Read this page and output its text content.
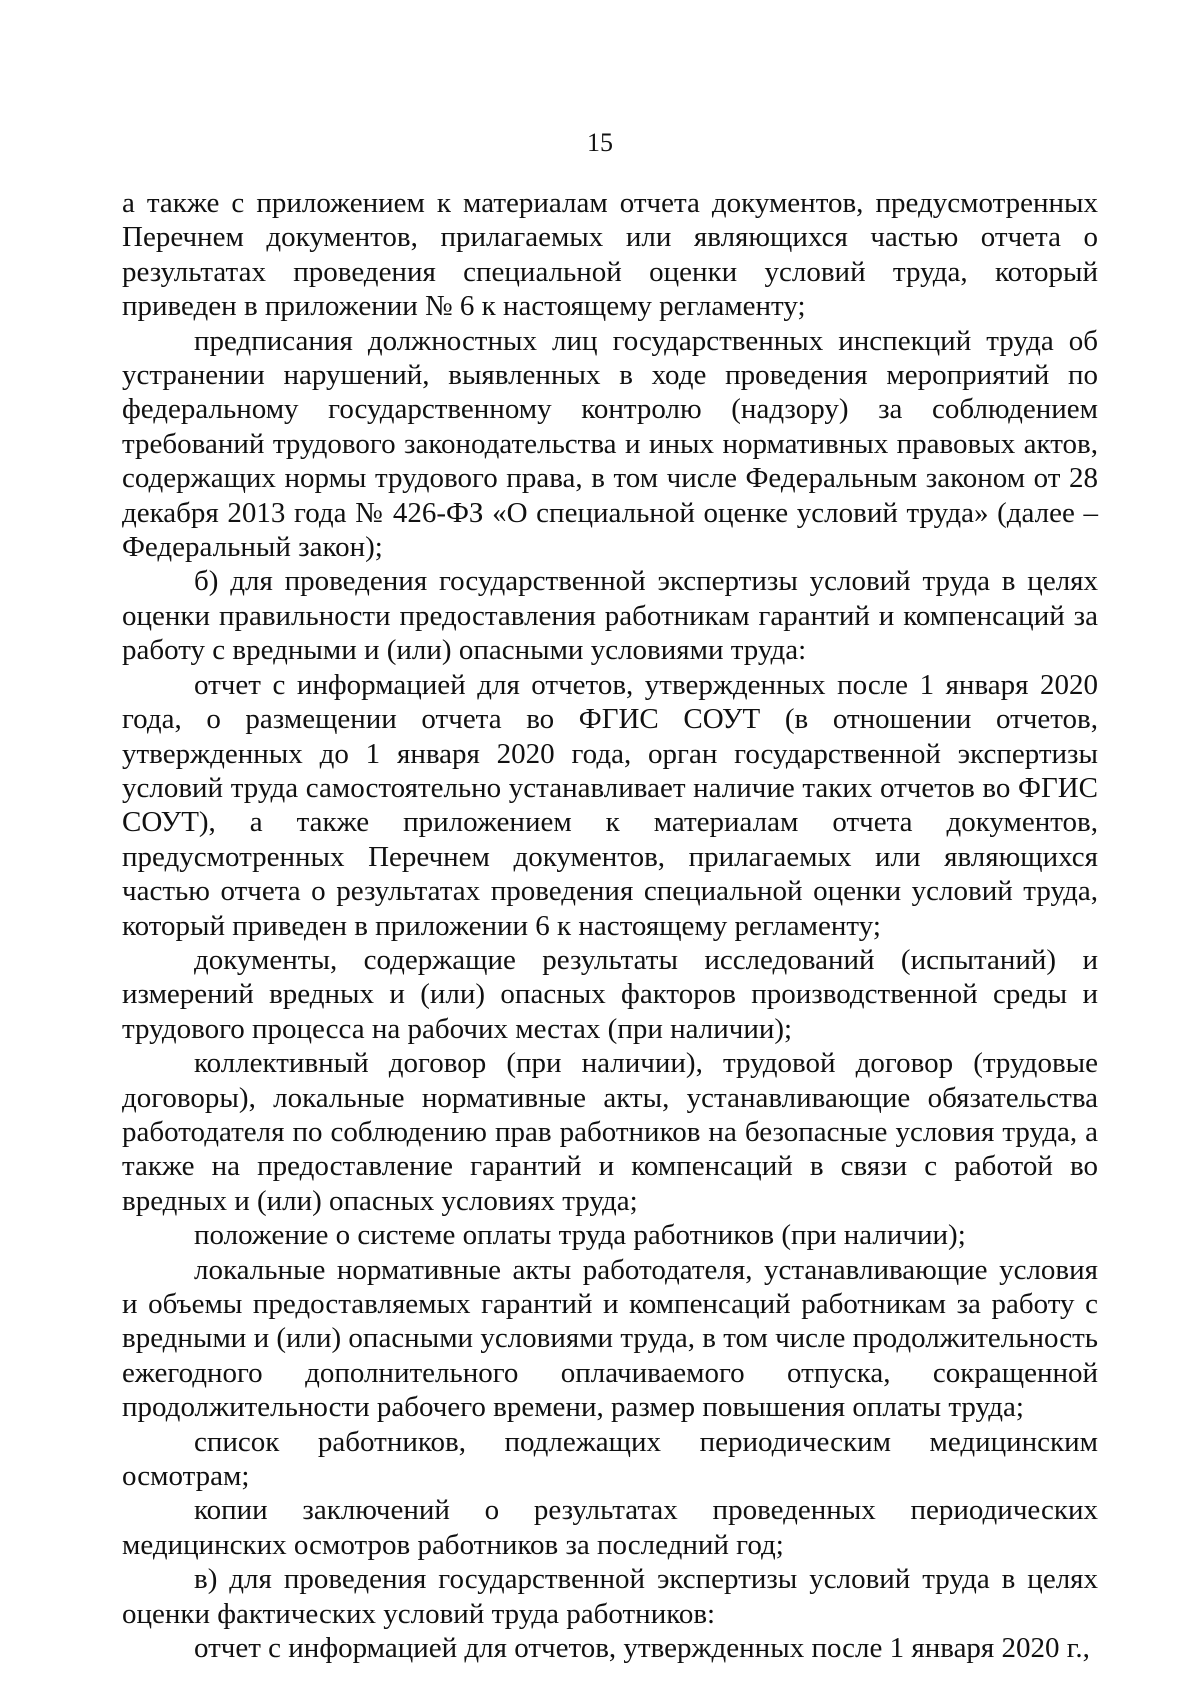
15

а также с приложением к материалам отчета документов, предусмотренных Перечнем документов, прилагаемых или являющихся частью отчета о результатах проведения специальной оценки условий труда, который приведен в приложении № 6 к настоящему регламенту;

предписания должностных лиц государственных инспекций труда об устранении нарушений, выявленных в ходе проведения мероприятий по федеральному государственному контролю (надзору) за соблюдением требований трудового законодательства и иных нормативных правовых актов, содержащих нормы трудового права, в том числе Федеральным законом от 28 декабря 2013 года № 426-ФЗ «О специальной оценке условий труда» (далее – Федеральный закон);

б) для проведения государственной экспертизы условий труда в целях оценки правильности предоставления работникам гарантий и компенсаций за работу с вредными и (или) опасными условиями труда:

отчет с информацией для отчетов, утвержденных после 1 января 2020 года, о размещении отчета во ФГИС СОУТ (в отношении отчетов, утвержденных до 1 января 2020 года, орган государственной экспертизы условий труда самостоятельно устанавливает наличие таких отчетов во ФГИС СОУТ), а также приложением к материалам отчета документов, предусмотренных Перечнем документов, прилагаемых или являющихся частью отчета о результатах проведения специальной оценки условий труда, который приведен в приложении 6 к настоящему регламенту;

документы, содержащие результаты исследований (испытаний) и измерений вредных и (или) опасных факторов производственной среды и трудового процесса на рабочих местах (при наличии);

коллективный договор (при наличии), трудовой договор (трудовые договоры), локальные нормативные акты, устанавливающие обязательства работодателя по соблюдению прав работников на безопасные условия труда, а также на предоставление гарантий и компенсаций в связи с работой во вредных и (или) опасных условиях труда;

положение о системе оплаты труда работников (при наличии);

локальные нормативные акты работодателя, устанавливающие условия и объемы предоставляемых гарантий и компенсаций работникам за работу с вредными и (или) опасными условиями труда, в том числе продолжительность ежегодного дополнительного оплачиваемого отпуска, сокращенной продолжительности рабочего времени, размер повышения оплаты труда;

список работников, подлежащих периодическим медицинским осмотрам;

копии заключений о результатах проведенных периодических медицинских осмотров работников за последний год;

в) для проведения государственной экспертизы условий труда в целях оценки фактических условий труда работников:

отчет с информацией для отчетов, утвержденных после 1 января 2020 г.,
